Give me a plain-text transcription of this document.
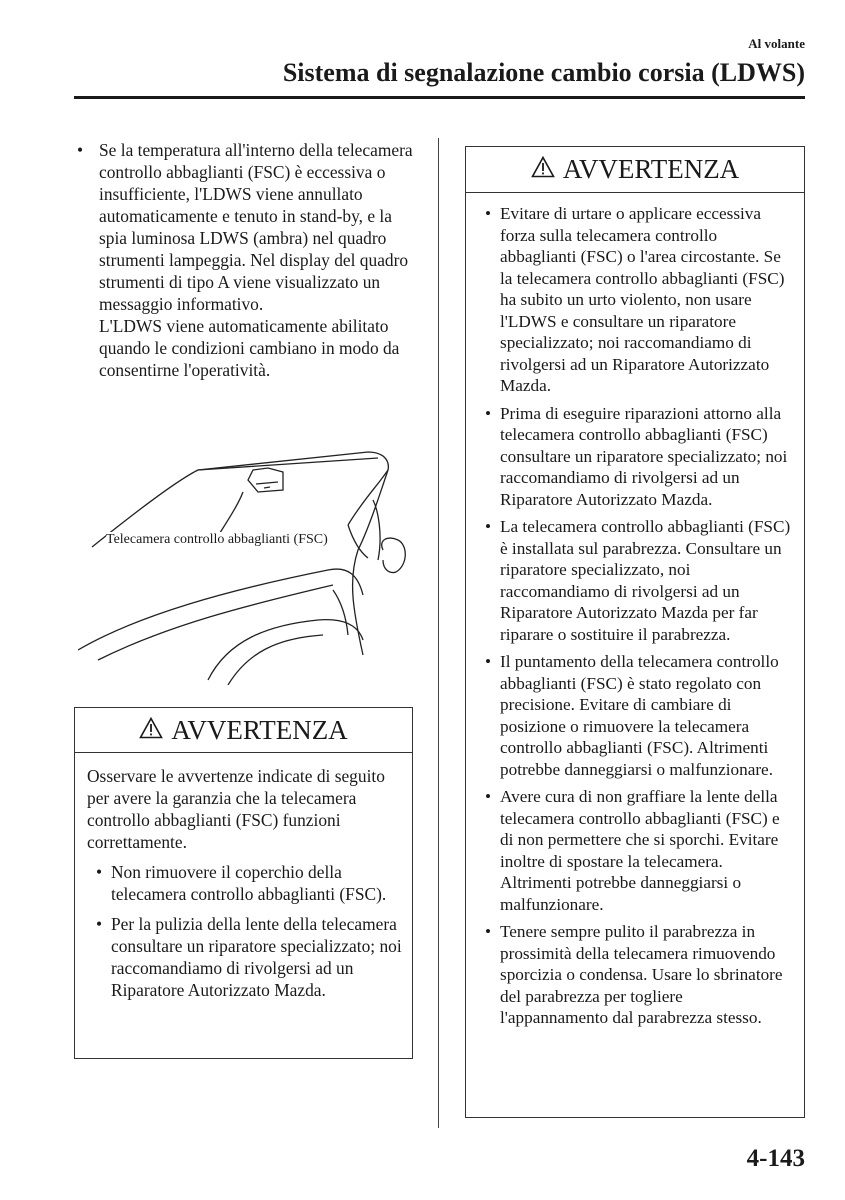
Al volante
Sistema di segnalazione cambio corsia (LDWS)
• Se la temperatura all'interno della telecamera controllo abbaglianti (FSC) è eccessiva o insufficiente, l'LDWS viene annullato automaticamente e tenuto in stand-by, e la spia luminosa LDWS (ambra) nel quadro strumenti lampeggia. Nel display del quadro strumenti di tipo A viene visualizzato un messaggio informativo.
L'LDWS viene automaticamente abilitato quando le condizioni cambiano in modo da consentirne l'operatività.
Telecamera controllo abbaglianti (FSC)
AVVERTENZA

Osservare le avvertenze indicate di seguito per avere la garanzia che la telecamera controllo abbaglianti (FSC) funzioni correttamente.

• Non rimuovere il coperchio della telecamera controllo abbaglianti (FSC).
• Per la pulizia della lente della telecamera consultare un riparatore specializzato; noi raccomandiamo di rivolgersi ad un Riparatore Autorizzato Mazda.
AVVERTENZA
• Evitare di urtare o applicare eccessiva forza sulla telecamera controllo abbaglianti (FSC) o l'area circostante. Se la telecamera controllo abbaglianti (FSC) ha subito un urto violento, non usare l'LDWS e consultare un riparatore specializzato; noi raccomandiamo di rivolgersi ad un Riparatore Autorizzato Mazda.
• Prima di eseguire riparazioni attorno alla telecamera controllo abbaglianti (FSC) consultare un riparatore specializzato; noi raccomandiamo di rivolgersi ad un Riparatore Autorizzato Mazda.
• La telecamera controllo abbaglianti (FSC) è installata sul parabrezza. Consultare un riparatore specializzato, noi raccomandiamo di rivolgersi ad un Riparatore Autorizzato Mazda per far riparare o sostituire il parabrezza.
• Il puntamento della telecamera controllo abbaglianti (FSC) è stato regolato con precisione. Evitare di cambiare di posizione o rimuovere la telecamera controllo abbaglianti (FSC). Altrimenti potrebbe danneggiarsi o malfunzionare.
• Avere cura di non graffiare la lente della telecamera controllo abbaglianti (FSC) e di non permettere che si sporchi. Evitare inoltre di spostare la telecamera. Altrimenti potrebbe danneggiarsi o malfunzionare.
• Tenere sempre pulito il parabrezza in prossimità della telecamera rimuovendo sporcizia o condensa. Usare lo sbrinatore del parabrezza per togliere l'appannamento dal parabrezza stesso.
4-143
